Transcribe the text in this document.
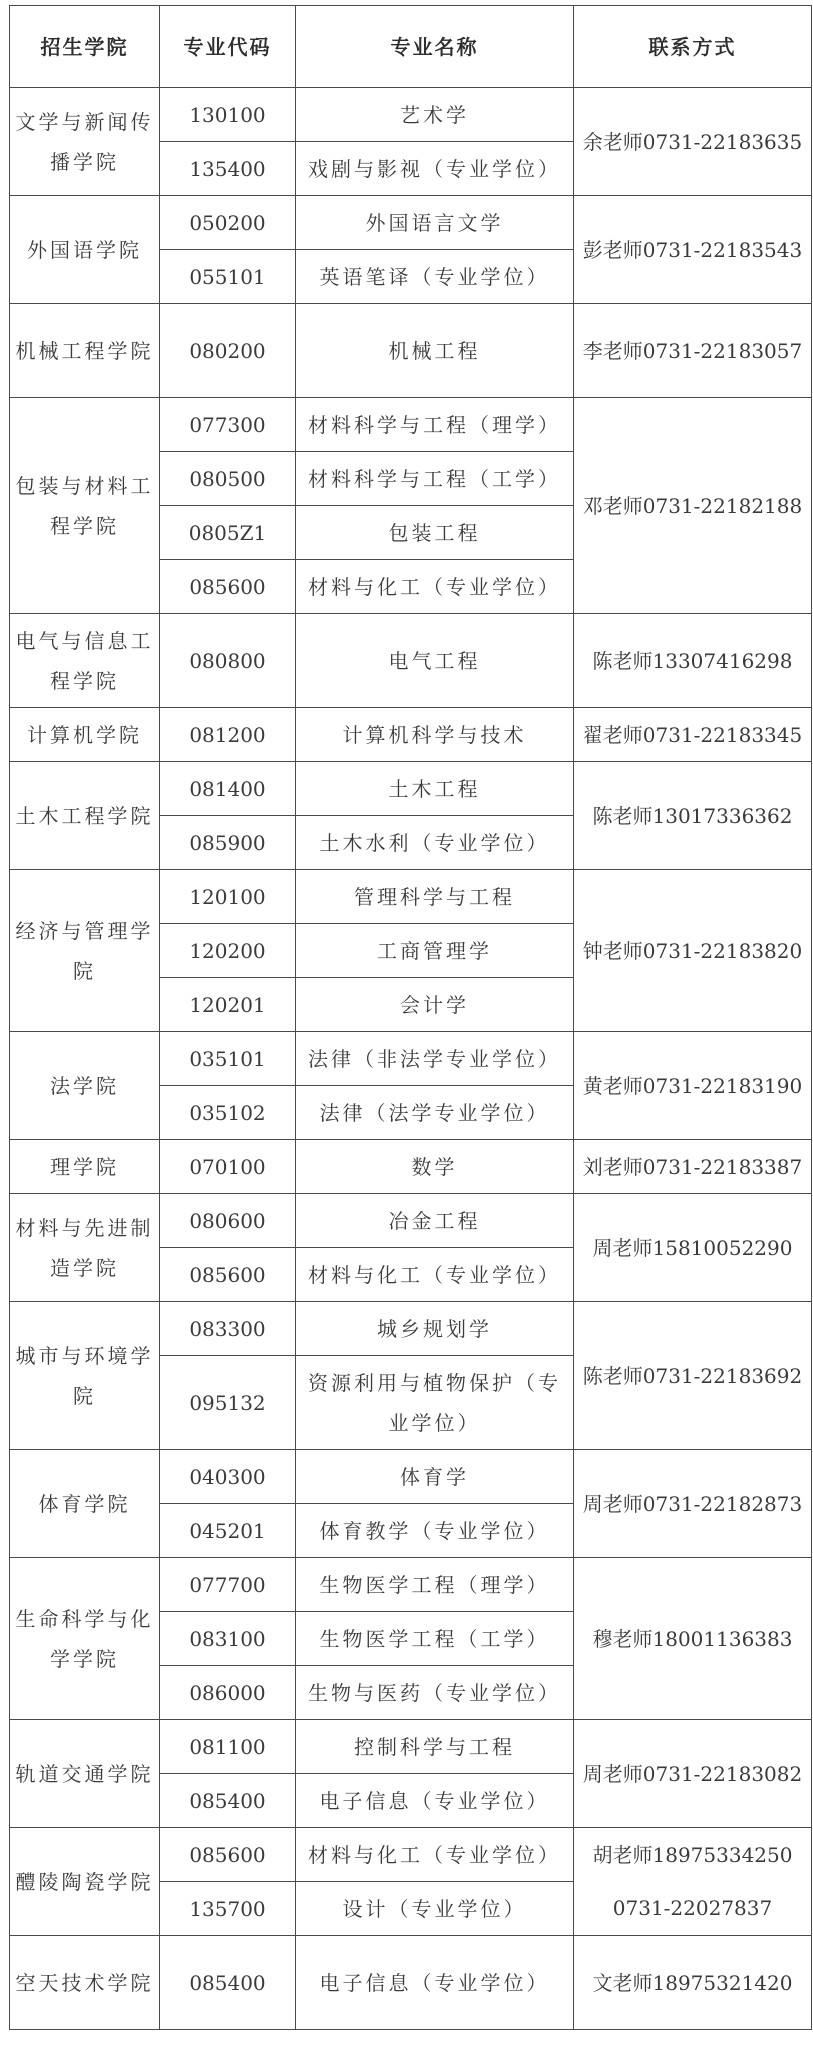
招生学院	专业代码	专业名称	联系方式
文学与新闻传播学院	130100	艺术学	余老师0731-22183635
	135400	戏剧与影视（专业学位）	
外国语学院	050200	外国语言文学	彭老师0731-22183543
	055101	英语笔译（专业学位）	
机械工程学院	080200	机械工程	李老师0731-22183057
包装与材料工程学院	077300	材料科学与工程（理学）	邓老师0731-22182188
	080500	材料科学与工程（工学）	
	0805Z1	包装工程	
	085600	材料与化工（专业学位）	
电气与信息工程学院	080800	电气工程	陈老师13307416298
计算机学院	081200	计算机科学与技术	翟老师0731-22183345
土木工程学院	081400	土木工程	陈老师13017336362
	085900	土木水利（专业学位）	
经济与管理学院	120100	管理科学与工程	钟老师0731-22183820
	120200	工商管理学	
	120201	会计学	
法学院	035101	法律（非法学专业学位）	黄老师0731-22183190
	035102	法律（法学专业学位）	
理学院	070100	数学	刘老师0731-22183387
材料与先进制造学院	080600	冶金工程	周老师15810052290
	085600	材料与化工（专业学位）	
城市与环境学院	083300	城乡规划学	陈老师0731-22183692
	095132	资源利用与植物保护（专业学位）	
体育学院	040300	体育学	周老师0731-22182873
	045201	体育教学（专业学位）	
生命科学与化学学院	077700	生物医学工程（理学）	穆老师18001136383
	083100	生物医学工程（工学）	
	086000	生物与医药（专业学位）	
轨道交通学院	081100	控制科学与工程	周老师0731-22183082
	085400	电子信息（专业学位）	
醴陵陶瓷学院	085600	材料与化工（专业学位）	胡老师18975334250
	135700	设计（专业学位）	0731-22027837
空天技术学院	085400	电子信息（专业学位）	文老师18975321420
